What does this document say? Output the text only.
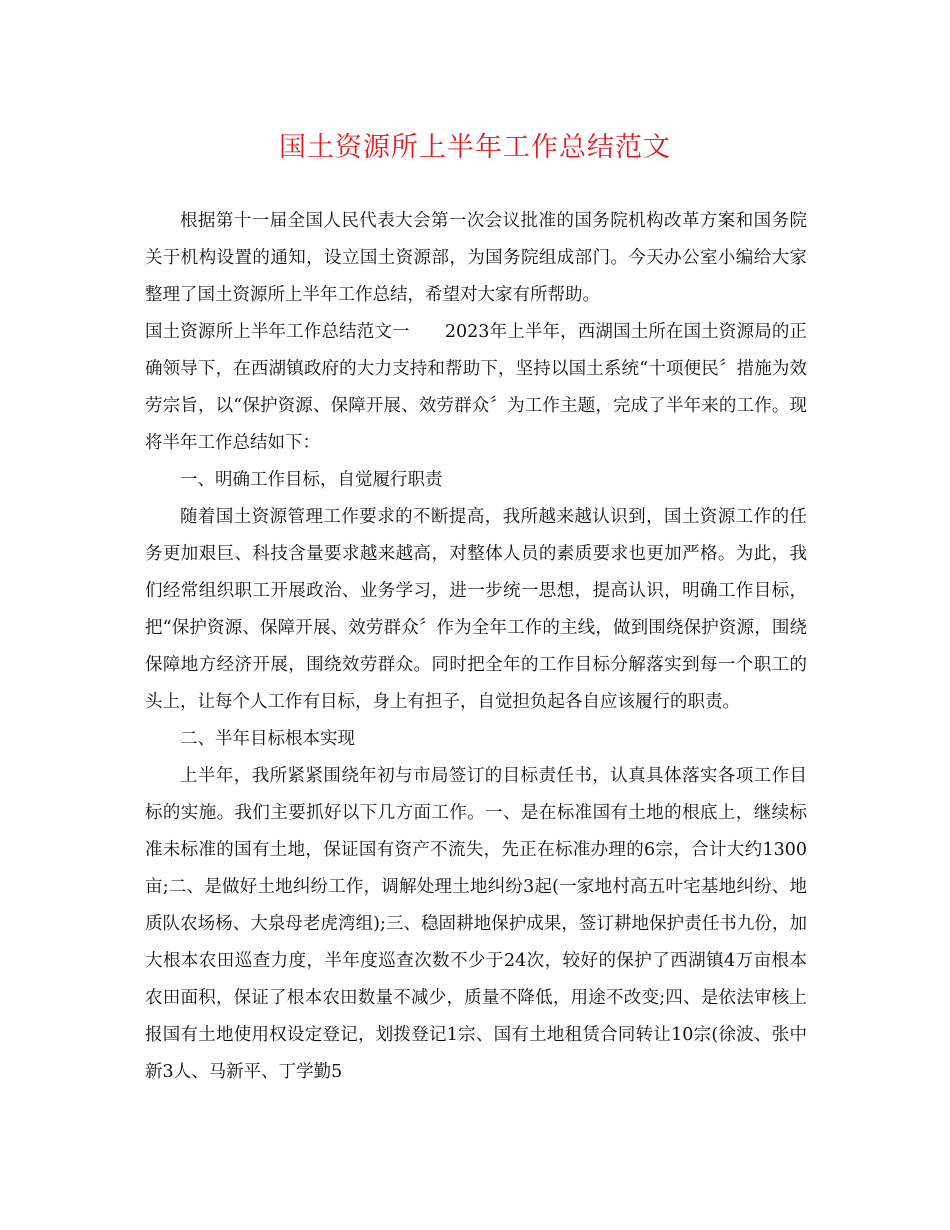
国土资源所上半年工作总结范文

根据第十一届全国人民代表大会第一次会议批准的国务院机构改革方案和国务院关于机构设置的通知，设立国土资源部，为国务院组成部门。今天办公室小编给大家整理了国土资源所上半年工作总结，希望对大家有所帮助。

国土资源所上半年工作总结范文一　　2023年上半年，西湖国土所在国土资源局的正确领导下，在西湖镇政府的大力支持和帮助下，坚持以国土系统“十项便民〞措施为效劳宗旨，以“保护资源、保障开展、效劳群众〞为工作主题，完成了半年来的工作。现将半年工作总结如下：

一、明确工作目标，自觉履行职责

随着国土资源管理工作要求的不断提高，我所越来越认识到，国土资源工作的任务更加艰巨、科技含量要求越来越高，对整体人员的素质要求也更加严格。为此，我们经常组织职工开展政治、业务学习，进一步统一思想，提高认识，明确工作目标，把“保护资源、保障开展、效劳群众〞作为全年工作的主线，做到围绕保护资源，围绕保障地方经济开展，围绕效劳群众。同时把全年的工作目标分解落实到每一个职工的头上，让每个人工作有目标，身上有担子，自觉担负起各自应该履行的职责。

二、半年目标根本实现

上半年，我所紧紧围绕年初与市局签订的目标责任书，认真具体落实各项工作目标的实施。我们主要抓好以下几方面工作。一、是在标准国有土地的根底上，继续标准未标准的国有土地，保证国有资产不流失，先正在标准办理的6宗，合计大约1300亩;二、是做好土地纠纷工作，调解处理土地纠纷3起(一家地村高五叶宅基地纠纷、地质队农场杨、大泉母老虎湾组);三、稳固耕地保护成果，签订耕地保护责任书九份，加大根本农田巡查力度，半年度巡查次数不少于24次，较好的保护了西湖镇4万亩根本农田面积，保证了根本农田数量不减少，质量不降低，用途不改变;四、是依法审核上报国有土地使用权设定登记，划拨登记1宗、国有土地租赁合同转让10宗(徐波、张中新3人、马新平、丁学勤5
